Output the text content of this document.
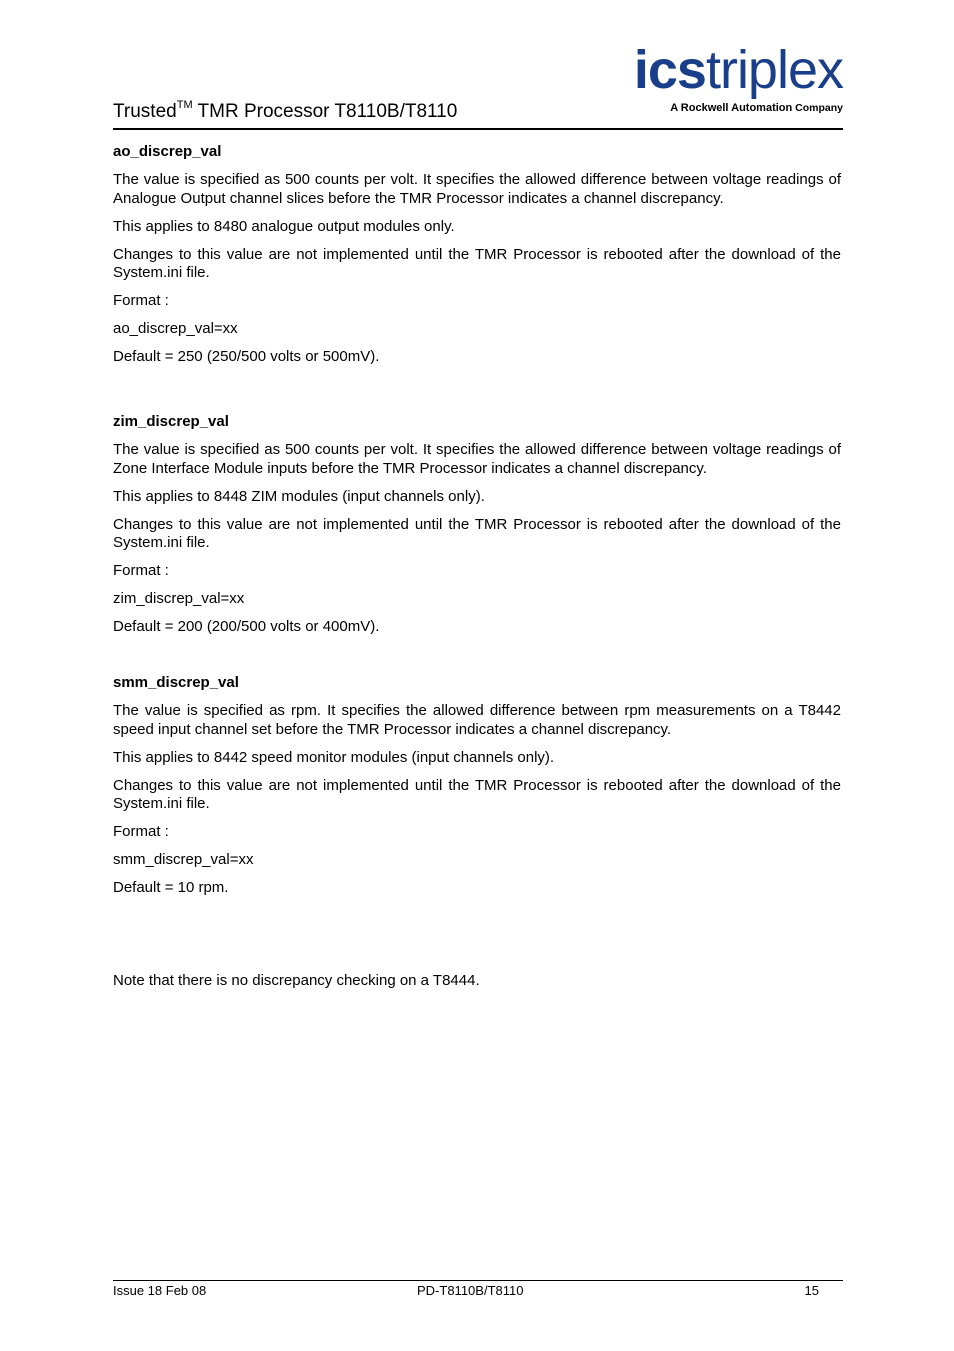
Trusted™ TMR Processor T8110B/T8110
icstriplex
A Rockwell Automation Company
ao_discrep_val

The value is specified as 500 counts per volt. It specifies the allowed difference between voltage readings of Analogue Output channel slices before the TMR Processor indicates a channel discrepancy.

This applies to 8480 analogue output modules only.

Changes to this value are not implemented until the TMR Processor is rebooted after the download of the System.ini file.

Format :

ao_discrep_val=xx

Default = 250 (250/500 volts or 500mV).

zim_discrep_val

The value is specified as 500 counts per volt. It specifies the allowed difference between voltage readings of Zone Interface Module inputs before the TMR Processor indicates a channel discrepancy.

This applies to 8448 ZIM modules (input channels only).

Changes to this value are not implemented until the TMR Processor is rebooted after the download of the System.ini file.

Format :

zim_discrep_val=xx

Default = 200 (200/500 volts or 400mV).

smm_discrep_val

The value is specified as rpm. It specifies the allowed difference between rpm measurements on a T8442 speed input channel set before the TMR Processor indicates a channel discrepancy.

This applies to 8442 speed monitor modules (input channels only).

Changes to this value are not implemented until the TMR Processor is rebooted after the download of the System.ini file.

Format :

smm_discrep_val=xx

Default = 10 rpm.

Note that there is no discrepancy checking on a T8444.

Issue 18 Feb 08	PD-T8110B/T8110	15
